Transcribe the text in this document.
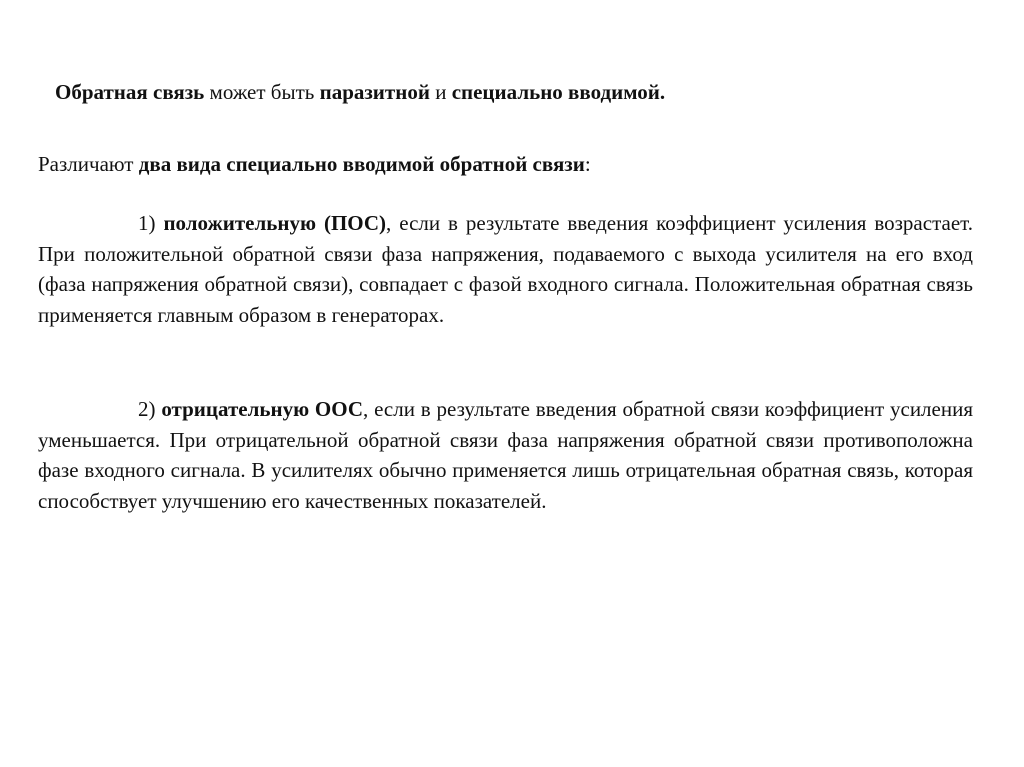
Обратная связь может быть паразитной и специально вводимой.
Различают два вида специально вводимой обратной связи:

1) положительную (ПОС), если в результате введения коэффициент усиления возрастает. При положительной обратной связи фаза напряжения, подаваемого с выхода усилителя на его вход (фаза напряжения обратной связи), совпадает с фазой входного сигнала. Положительная обратная связь применяется главным образом в генераторах.

2) отрицательную ООС, если в результате введения обратной связи коэффициент усиления уменьшается. При отрицательной обратной связи фаза напряжения обратной связи противоположна фазе входного сигнала. В усилителях обычно применяется лишь отрицательная обратная связь, которая способствует улучшению его качественных показателей.
